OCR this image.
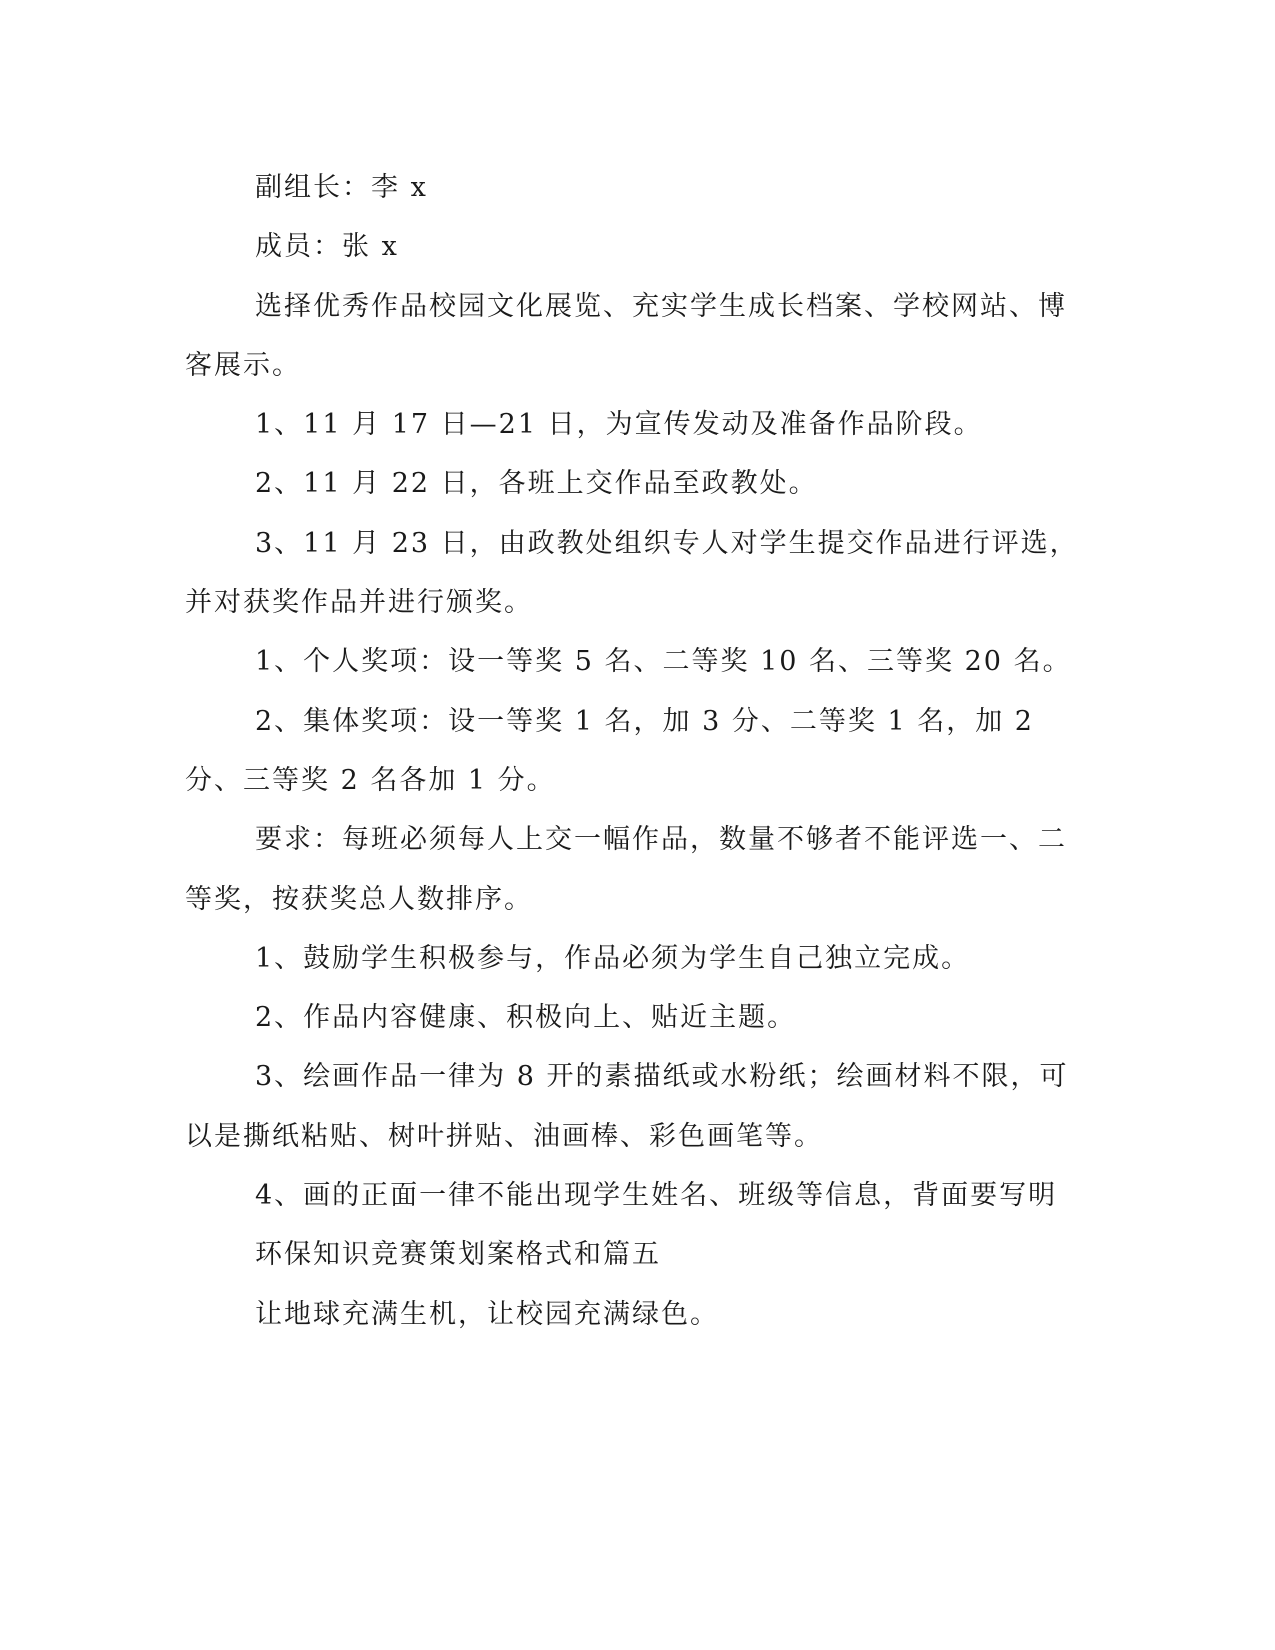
副组长：李 x

成员：张 x

选择优秀作品校园文化展览、充实学生成长档案、学校网站、博客展示。

1、11 月 17 日—21 日，为宣传发动及准备作品阶段。

2、11 月 22 日，各班上交作品至政教处。

3、11 月 23 日，由政教处组织专人对学生提交作品进行评选，并对获奖作品并进行颁奖。

1、个人奖项：设一等奖 5 名、二等奖 10 名、三等奖 20 名。

2、集体奖项：设一等奖 1 名，加 3 分、二等奖 1 名，加 2 分、三等奖 2 名各加 1 分。

要求：每班必须每人上交一幅作品，数量不够者不能评选一、二等奖，按获奖总人数排序。

1、鼓励学生积极参与，作品必须为学生自己独立完成。

2、作品内容健康、积极向上、贴近主题。

3、绘画作品一律为 8 开的素描纸或水粉纸；绘画材料不限，可以是撕纸粘贴、树叶拼贴、油画棒、彩色画笔等。

4、画的正面一律不能出现学生姓名、班级等信息，背面要写明

环保知识竞赛策划案格式和篇五

让地球充满生机，让校园充满绿色。
